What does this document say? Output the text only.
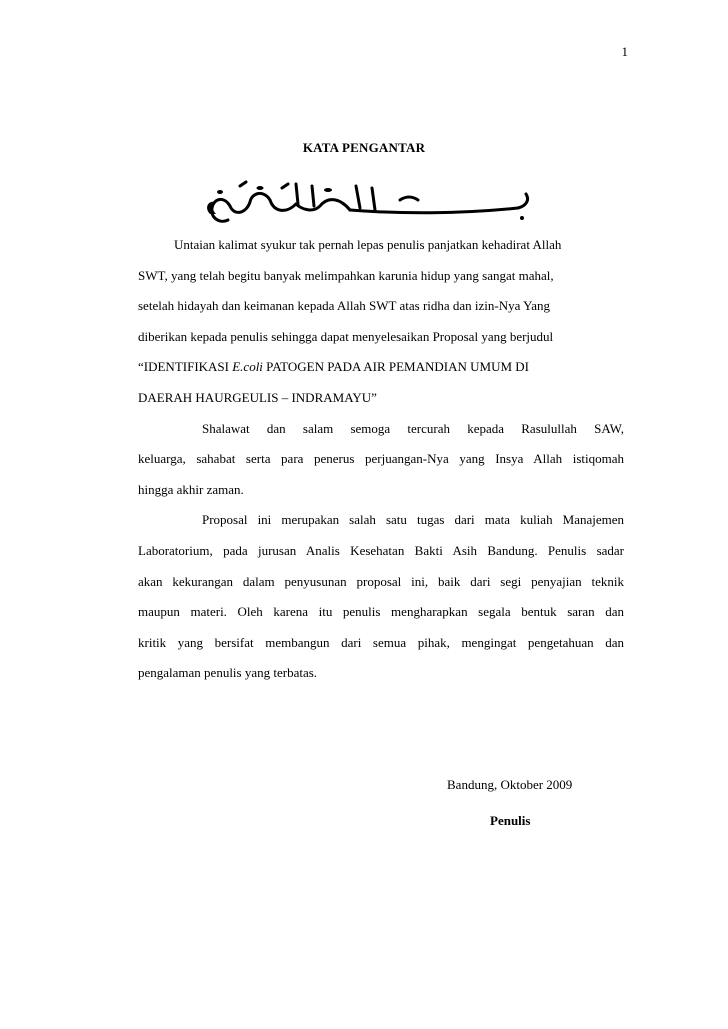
1
KATA PENGANTAR
Untaian kalimat syukur tak pernah lepas penulis panjatkan kehadirat Allah
SWT, yang telah begitu banyak melimpahkan karunia hidup yang sangat mahal,
setelah hidayah dan keimanan kepada Allah SWT atas ridha dan izin-Nya Yang
diberikan kepada penulis sehingga dapat menyelesaikan Proposal yang berjudul
“IDENTIFIKASI E.coli PATOGEN PADA AIR PEMANDIAN UMUM DI
DAERAH HAURGEULIS – INDRAMAYU”
Shalawat dan salam semoga tercurah kepada Rasulullah SAW,
keluarga, sahabat serta para penerus perjuangan-Nya yang Insya Allah istiqomah
hingga akhir zaman.
Proposal ini merupakan salah satu tugas dari mata kuliah Manajemen
Laboratorium, pada jurusan Analis Kesehatan Bakti Asih Bandung. Penulis sadar
akan kekurangan dalam penyusunan proposal ini, baik dari segi penyajian teknik
maupun materi. Oleh karena itu penulis mengharapkan segala bentuk saran dan
kritik yang bersifat membangun dari semua pihak, mengingat pengetahuan dan
pengalaman penulis yang terbatas.
Bandung, Oktober 2009
Penulis
